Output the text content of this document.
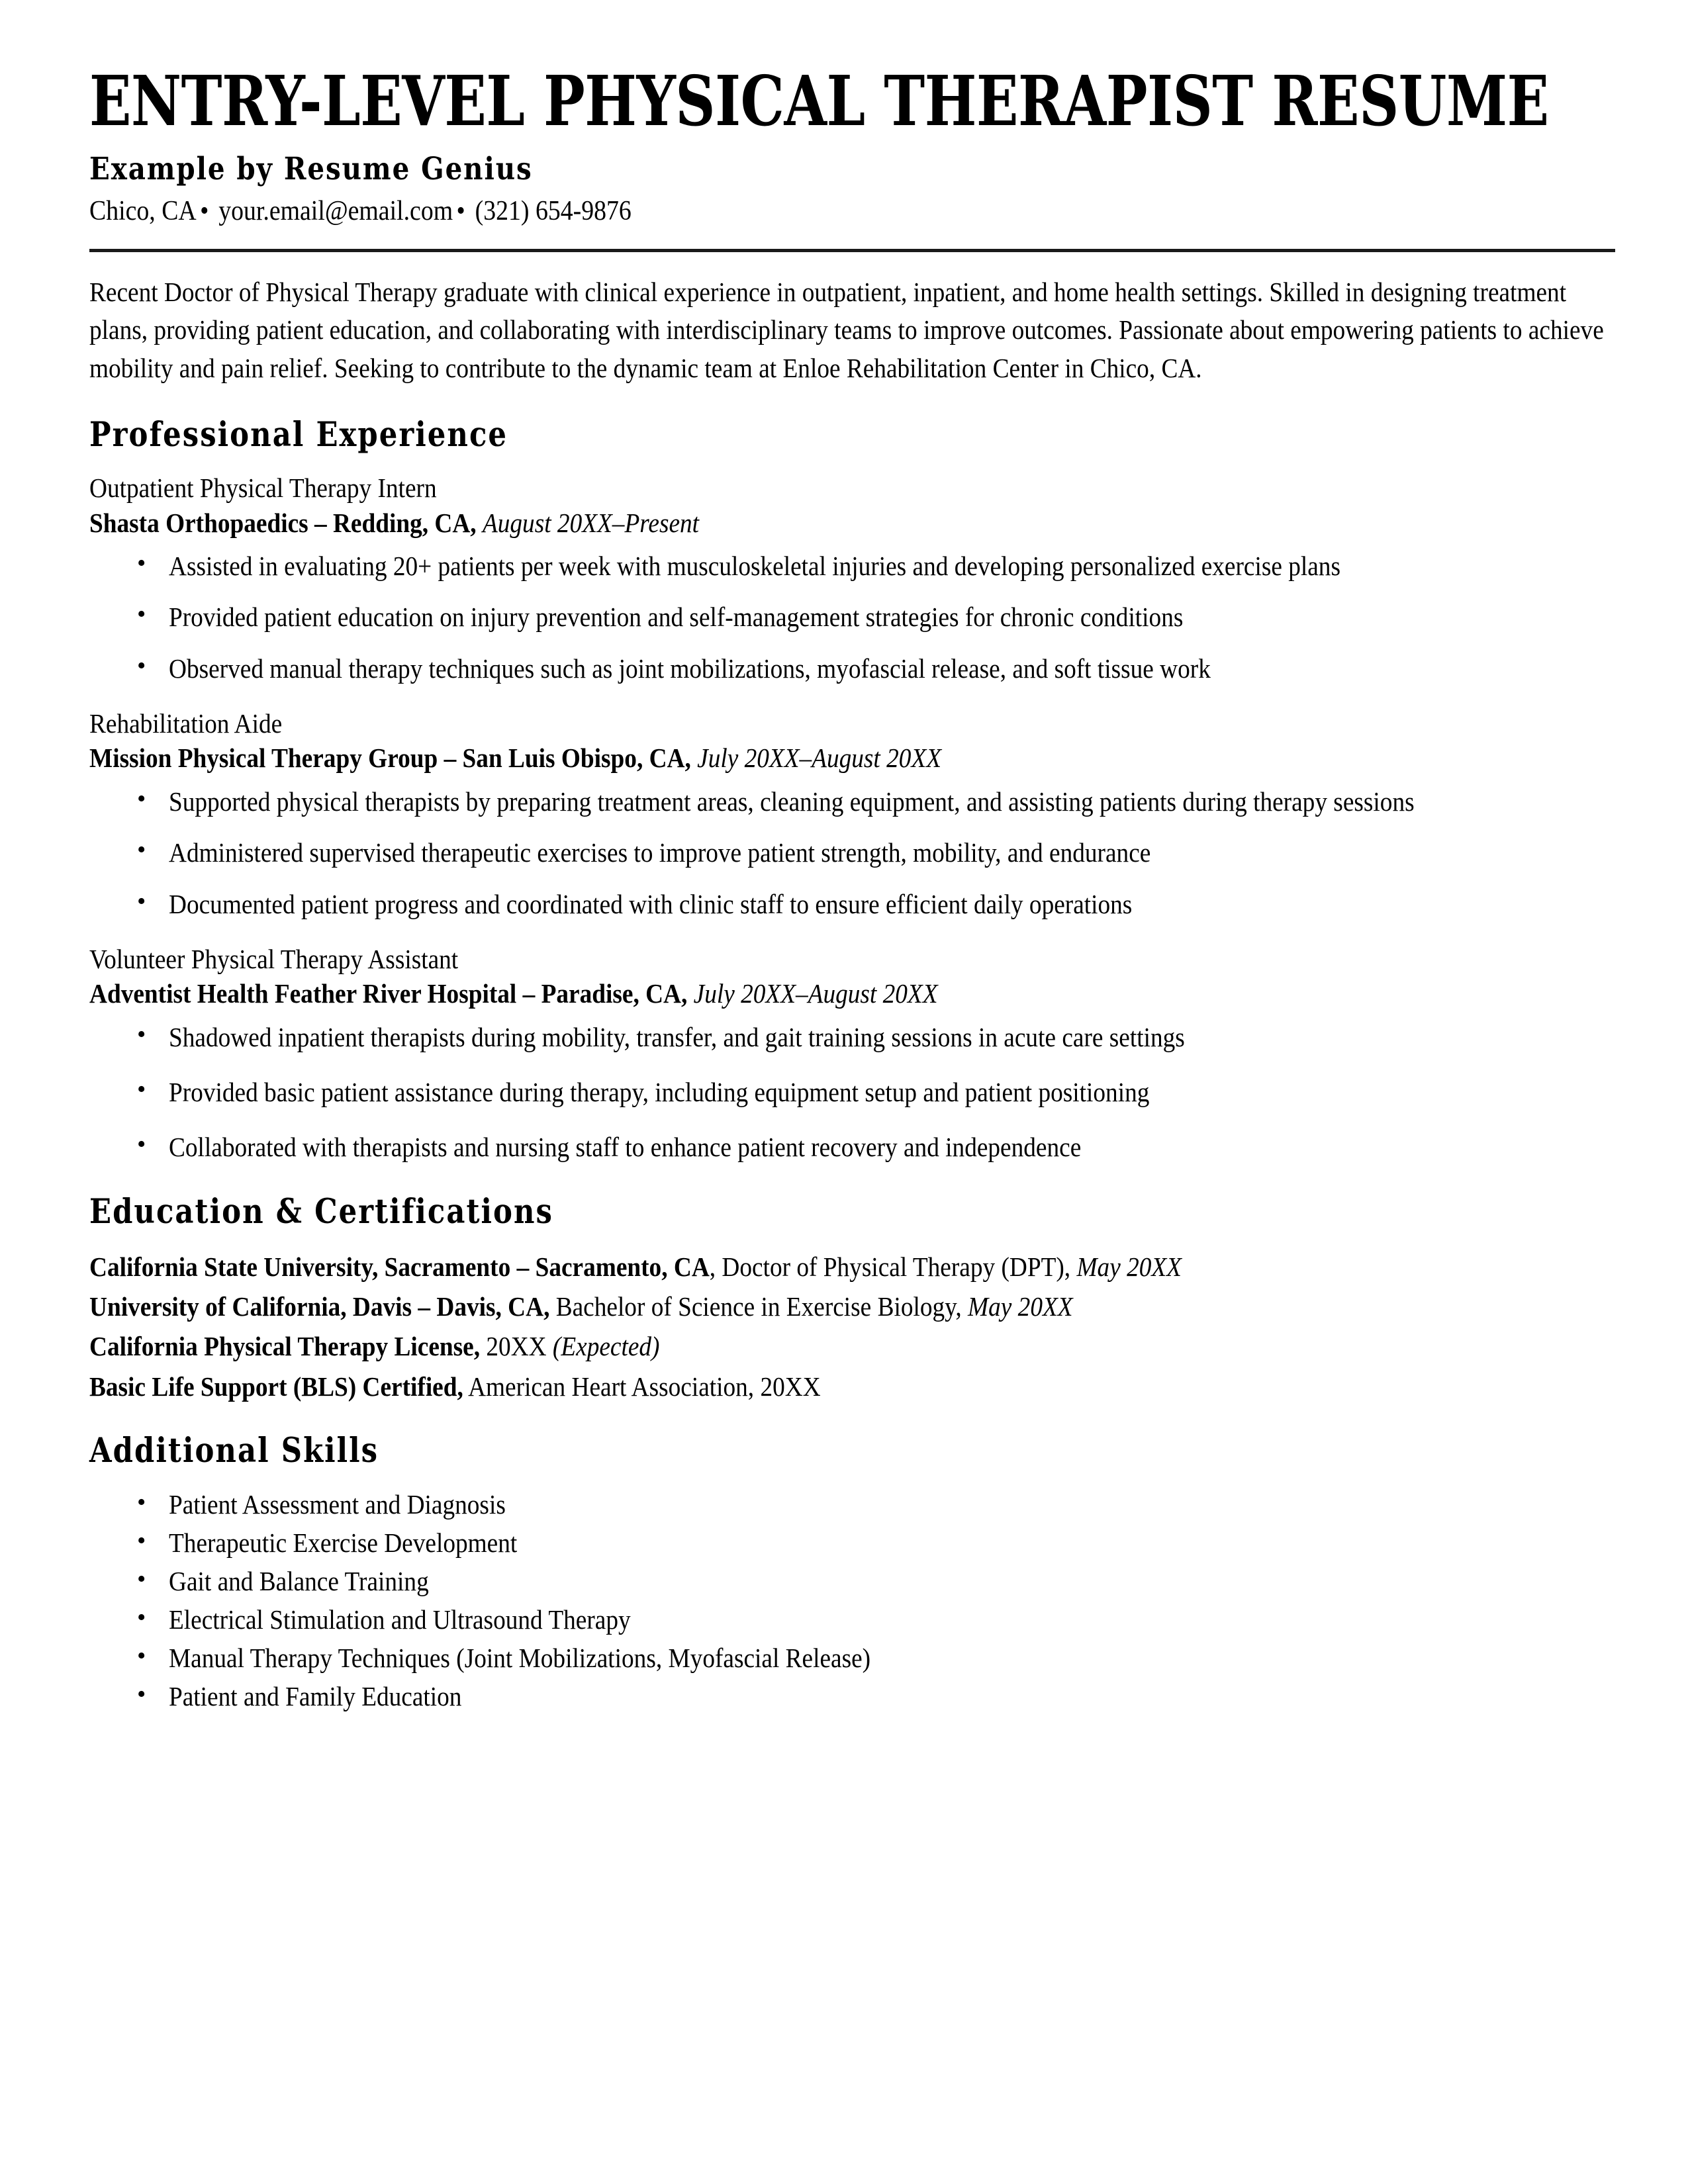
ENTRY-LEVEL PHYSICAL THERAPIST RESUME
Example by Resume Genius
Chico, CA • your.email@email.com • (321) 654-9876

Recent Doctor of Physical Therapy graduate with clinical experience in outpatient, inpatient, and home health settings. Skilled in designing treatment plans, providing patient education, and collaborating with interdisciplinary teams to improve outcomes. Passionate about empowering patients to achieve mobility and pain relief. Seeking to contribute to the dynamic team at Enloe Rehabilitation Center in Chico, CA.

Professional Experience
Outpatient Physical Therapy Intern
Shasta Orthopaedics – Redding, CA, August 20XX–Present
• Assisted in evaluating 20+ patients per week with musculoskeletal injuries and developing personalized exercise plans
• Provided patient education on injury prevention and self-management strategies for chronic conditions
• Observed manual therapy techniques such as joint mobilizations, myofascial release, and soft tissue work
Rehabilitation Aide
Mission Physical Therapy Group – San Luis Obispo, CA, July 20XX–August 20XX
• Supported physical therapists by preparing treatment areas, cleaning equipment, and assisting patients during therapy sessions
• Administered supervised therapeutic exercises to improve patient strength, mobility, and endurance
• Documented patient progress and coordinated with clinic staff to ensure efficient daily operations
Volunteer Physical Therapy Assistant
Adventist Health Feather River Hospital – Paradise, CA, July 20XX–August 20XX
• Shadowed inpatient therapists during mobility, transfer, and gait training sessions in acute care settings
• Provided basic patient assistance during therapy, including equipment setup and patient positioning
• Collaborated with therapists and nursing staff to enhance patient recovery and independence
Education & Certifications
California State University, Sacramento – Sacramento, CA, Doctor of Physical Therapy (DPT), May 20XX
University of California, Davis – Davis, CA, Bachelor of Science in Exercise Biology, May 20XX
California Physical Therapy License, 20XX (Expected)
Basic Life Support (BLS) Certified, American Heart Association, 20XX
Additional Skills
• Patient Assessment and Diagnosis
• Therapeutic Exercise Development
• Gait and Balance Training
• Electrical Stimulation and Ultrasound Therapy
• Manual Therapy Techniques (Joint Mobilizations, Myofascial Release)
• Patient and Family Education
